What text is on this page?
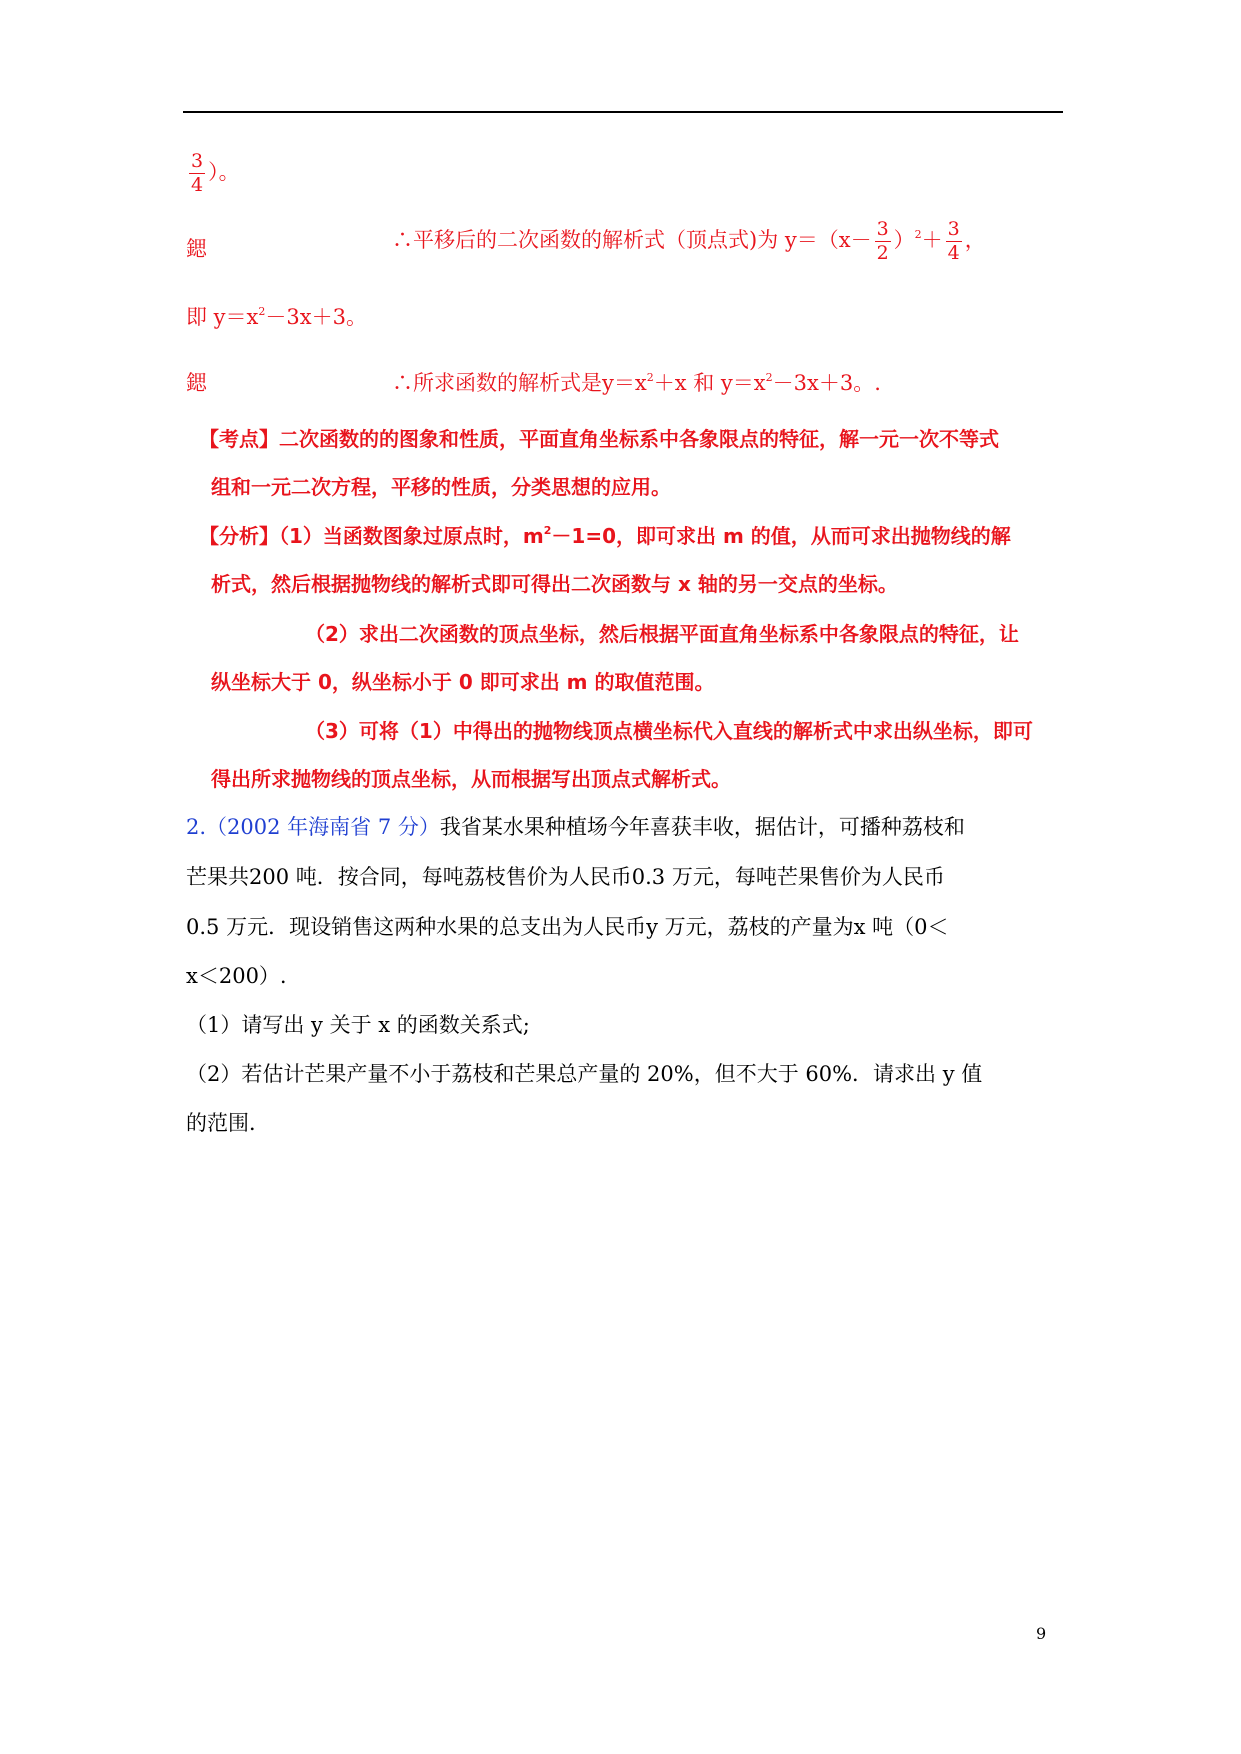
$\frac{3}{4}$ ）。
鍶	∴平移后的二次函数的解析式（顶点式)为 $y=(x- \frac{3}{2} )^2+ \frac{3}{4}$ ，
即 $y=x^2-3x+3$。
鍶	∴所求函数的解析式是$y=x^2+x$ 和 $y=x^2-3x+3$。.
【考点】二次函数的的图象和性质，平面直角坐标系中各象限点的特征，解一元一次不等式
组和一元二次方程，平移的性质，分类思想的应用。
【分析】（1）当函数图象过原点时，$m^2-1=0$，即可求出 m 的值，从而可求出抛物线的解
析式，然后根据抛物线的解析式即可得出二次函数与 x 轴的另一交点的坐标。
（2）求出二次函数的顶点坐标，然后根据平面直角坐标系中各象限点的特征，让
纵坐标大于 0，纵坐标小于 0 即可求出 m 的取值范围。
（3）可将（1）中得出的抛物线顶点横坐标代入直线的解析式中求出纵坐标，即可
得出所求抛物线的顶点坐标，从而根据写出顶点式解析式。
2.（2002 年海南省 7 分）我省某水果种植场今年喜获丰收，据估计，可播种荔枝和
芒果共200 吨．按合同，每吨荔枝售价为人民币0.3 万元，每吨芒果售价为人民币
0.5 万元．现设销售这两种水果的总支出为人民币y 万元，荔枝的产量为x 吨（0＜
x＜200）.
（1）请写出 y 关于 x 的函数关系式;
（2）若估计芒果产量不小于荔枝和芒果总产量的 20%，但不大于 60%．请求出 y 值
的范围．
9
